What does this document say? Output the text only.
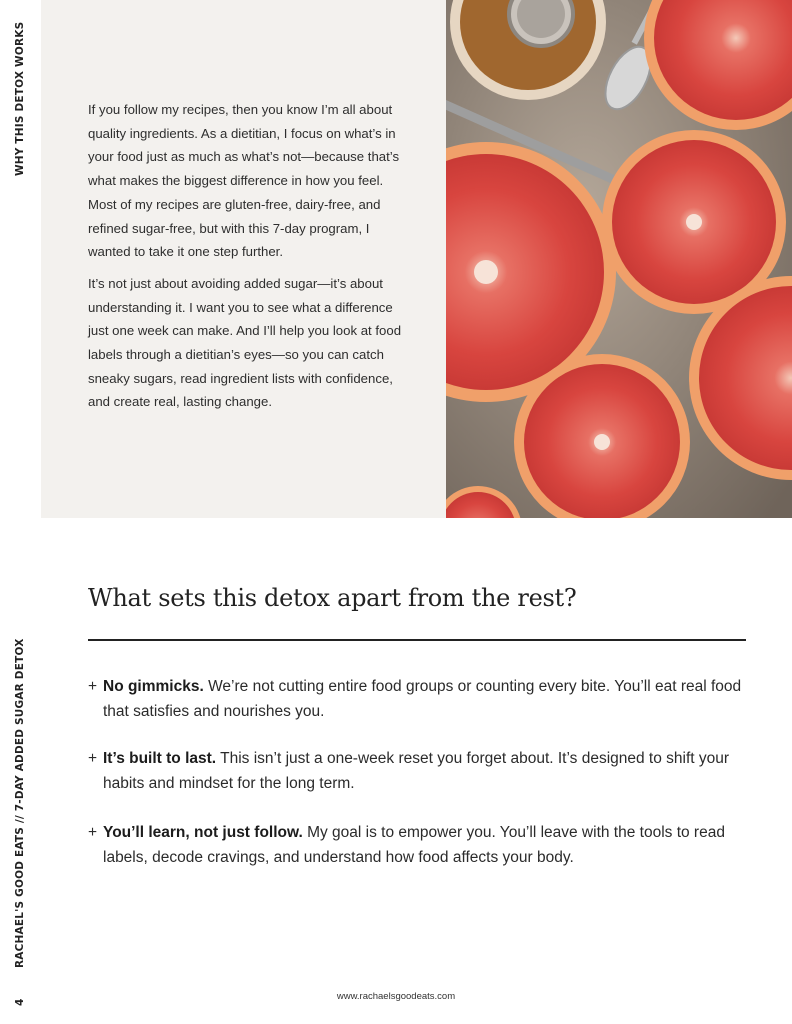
WHY THIS DETOX WORKS
RACHAEL'S GOOD EATS // 7-DAY ADDED SUGAR DETOX
4

If you follow my recipes, then you know I’m all about quality ingredients. As a dietitian, I focus on what’s in your food just as much as what’s not—because that’s what makes the biggest difference in how you feel. Most of my recipes are gluten-free, dairy-free, and refined sugar-free, but with this 7-day program, I wanted to take it one step further.

It’s not just about avoiding added sugar—it’s about understanding it. I want you to see what a difference just one week can make. And I’ll help you look at food labels through a dietitian’s eyes—so you can catch sneaky sugars, read ingredient lists with confidence, and create real, lasting change.

What sets this detox apart from the rest?
+ No gimmicks. We’re not cutting entire food groups or counting every bite. You’ll eat real food that satisfies and nourishes you.
+ It’s built to last. This isn’t just a one-week reset you forget about. It’s designed to shift your habits and mindset for the long term.
+ You’ll learn, not just follow. My goal is to empower you. You’ll leave with the tools to read labels, decode cravings, and understand how food affects your body.
www.rachaelsgoodeats.com
